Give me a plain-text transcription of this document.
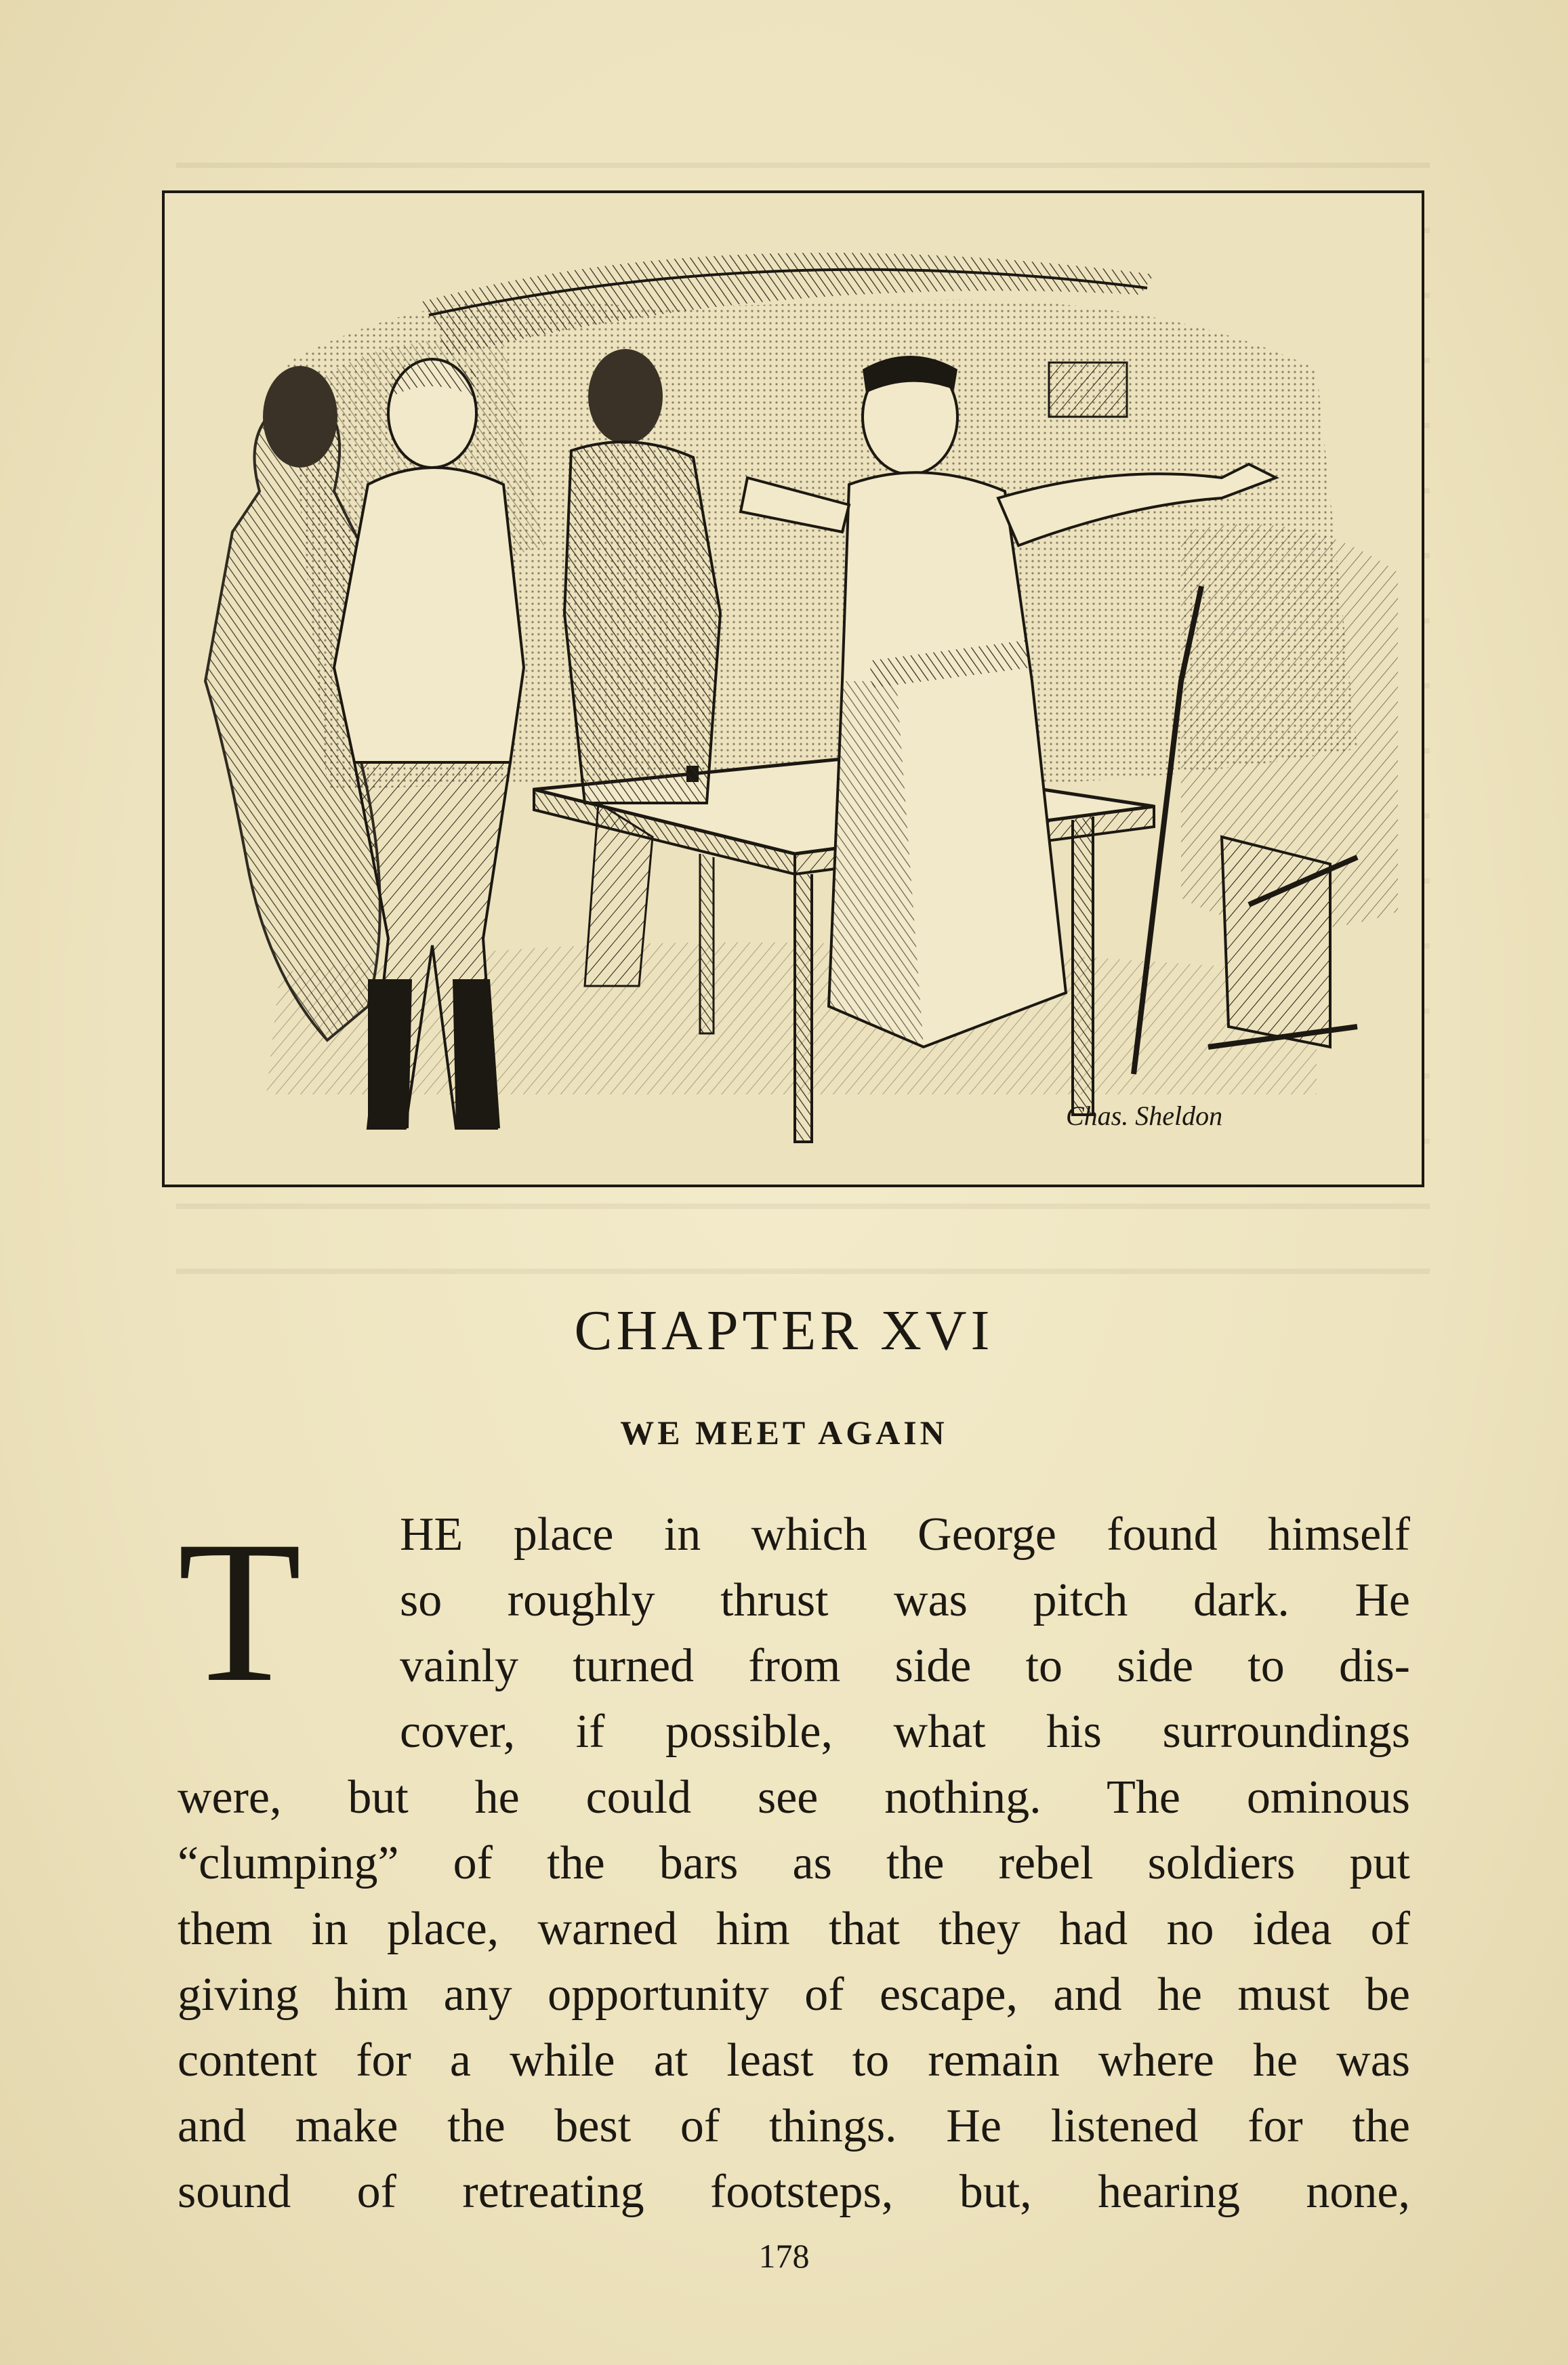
Chas. Sheldon
CHAPTER XVI
WE MEET AGAIN
T HE place in which George found himself
so roughly thrust was pitch dark. He
vainly turned from side to side to dis-
cover, if possible, what his surroundings
were, but he could see nothing. The ominous
“clumping” of the bars as the rebel soldiers put
them in place, warned him that they had no idea of
giving him any opportunity of escape, and he must be
content for a while at least to remain where he was
and make the best of things. He listened for the
sound of retreating footsteps, but, hearing none,
178
